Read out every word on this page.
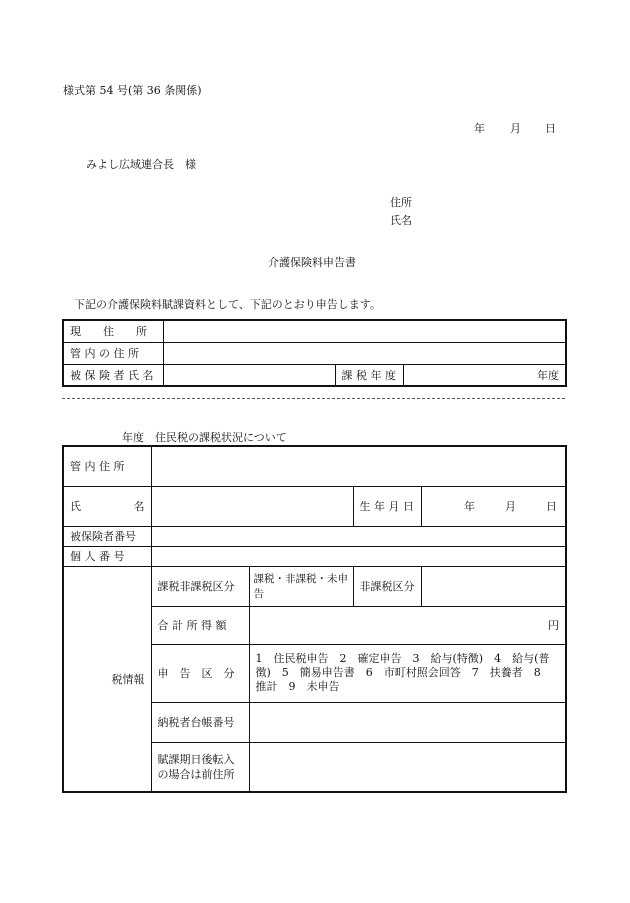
様式第 54 号(第 36 条関係)
年 月 日
みよし広域連合長　様
住所
氏名
介護保険料申告書
下記の介護保険料賦課資料として、下記のとおり申告します。
現　　住　　所			
管 内 の 住 所			
被 保 険 者 氏 名		課 税 年 度	年度
年度　 住民税の課税状況について
管 内 住 所				

氏 名			生 年 月 日	年 月 日

被保険者番号				
個 人 番 号				
税情報	課税非課税区分	課税・非課税・未申告	非課税区分	
	合 計 所 得 額	円		
	申　告　区　分	1　住民税申告　2　確定申告　3　給与(特徴)　4　給与(普徴)　5　簡易申告書　6　市町村照会回答　7　扶養者　8　推計　9　未申告		
	納税者台帳番号			
	賦課期日後転入の場合は前住所			
